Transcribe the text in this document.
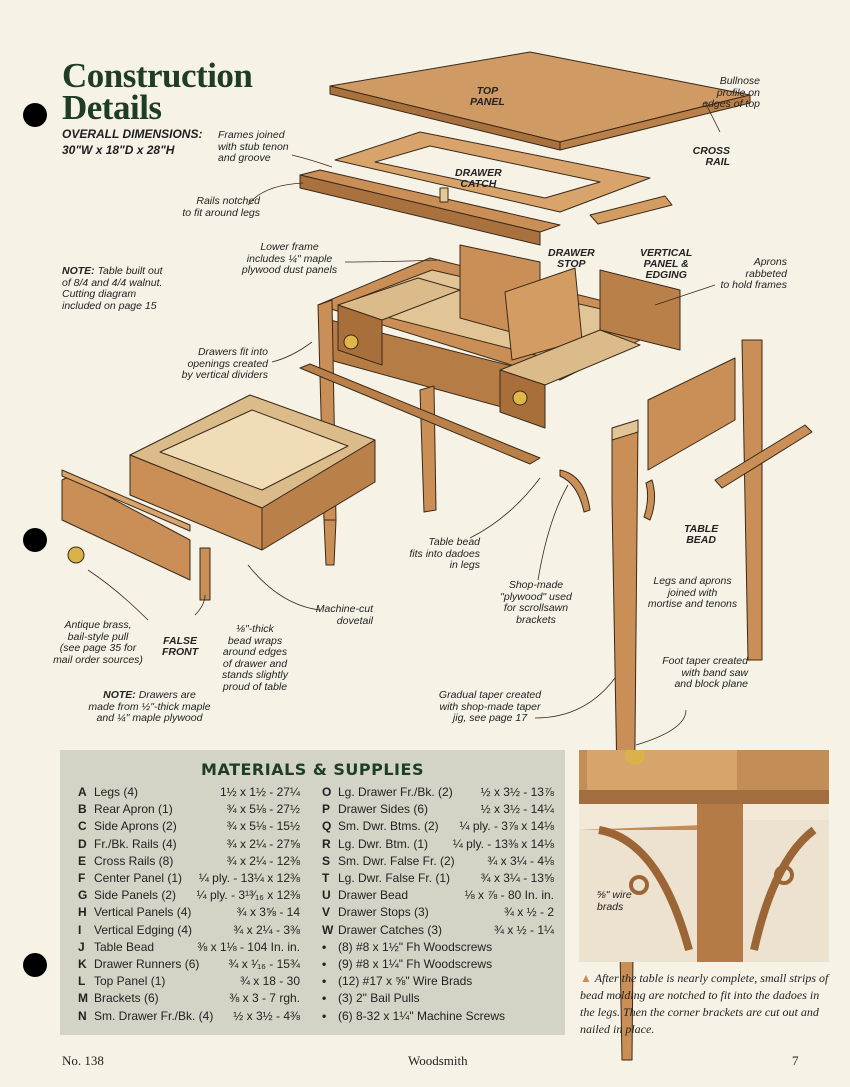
Construction
Details
OVERALL DIMENSIONS:
30"W x 18"D x 28"H
Frames joined
with stub tenon
and groove
TOP
PANEL
Bullnose
profile on
edges of top
CROSS
RAIL
DRAWER
CATCH
Rails notched
to fit around legs
Lower frame
includes ¼" maple
plywood dust panels
DRAWER
STOP
VERTICAL
PANEL &
EDGING
Aprons
rabbeted
to hold frames
NOTE: Table built out
of 8/4 and 4/4 walnut.
Cutting diagram
included on page 15
Drawers fit into
openings created
by vertical dividers
TABLE
BEAD
Table bead
fits into dadoes
in legs
Shop-made
"plywood" used
for scrollsawn
brackets
Legs and aprons
joined with
mortise and tenons
Machine-cut
dovetail
Antique brass,
bail-style pull
(see page 35 for
mail order sources)
FALSE
FRONT
⅛"-thick
bead wraps
around edges
of drawer and
stands slightly
proud of table
Foot taper created
with band saw
and block plane
NOTE: Drawers are
made from ½"-thick maple
and ¼" maple plywood
Gradual taper created
with shop-made taper
jig, see page 17
MATERIALS & SUPPLIES
A Legs (4)	1½ x 1½ - 27¼
B Rear Apron (1)	¾ x 5⅛ - 27½
C Side Aprons (2)	¾ x 5⅛ - 15½
D Fr./Bk. Rails (4)	¾ x 2¼ - 27⅝
E Cross Rails (8)	¾ x 2¼ - 12⅜
F Center Panel (1) ¼ ply. - 13¼ x 12⅜
G Side Panels (2) ¼ ply. - 3¹³⁄₁₆ x 12⅜
H Vertical Panels (4)	¾ x 3⅝ - 14
I Vertical Edging (4)	¾ x 2¼ - 3⅜
J Table Bead	⅜ x 1⅛ - 104 In. in.
K Drawer Runners (6) ¾ x ¹⁄₁₆ - 15¾
L Top Panel (1)	¾ x 18 - 30
M Brackets (6)	⅜ x 3 - 7 rgh.
N Sm. Drawer Fr./Bk. (4) ½ x 3½ - 4⅜
O Lg. Drawer Fr./Bk. (2) ½ x 3½ - 13⅞
P Drawer Sides (6)	½ x 3½ - 14¼
Q Sm. Dwr. Btms. (2) ¼ ply. - 3⅞ x 14⅛
R Lg. Dwr. Btm. (1) ¼ ply. - 13⅜ x 14⅛
S Sm. Dwr. False Fr. (2)	¾ x 3¼ - 4⅛
T Lg. Dwr. False Fr. (1)	¾ x 3¼ - 13⅝
U Drawer Bead	⅛ x ⅞ - 80 In. in.
V Drawer Stops (3)	¾ x ½ - 2
W Drawer Catches (3)	¾ x ½ - 1¼
• (8) #8 x 1½" Fh Woodscrews
• (9) #8 x 1¼" Fh Woodscrews
• (12) #17 x ⅝" Wire Brads
• (3) 2" Bail Pulls
• (6) 8-32 x 1¼" Machine Screws
⅝" wire
brads
▲ After the table is nearly complete, small strips of bead molding are notched to fit into the dadoes in the legs. Then the corner brackets are cut out and nailed in place.
No. 138	Woodsmith	7
